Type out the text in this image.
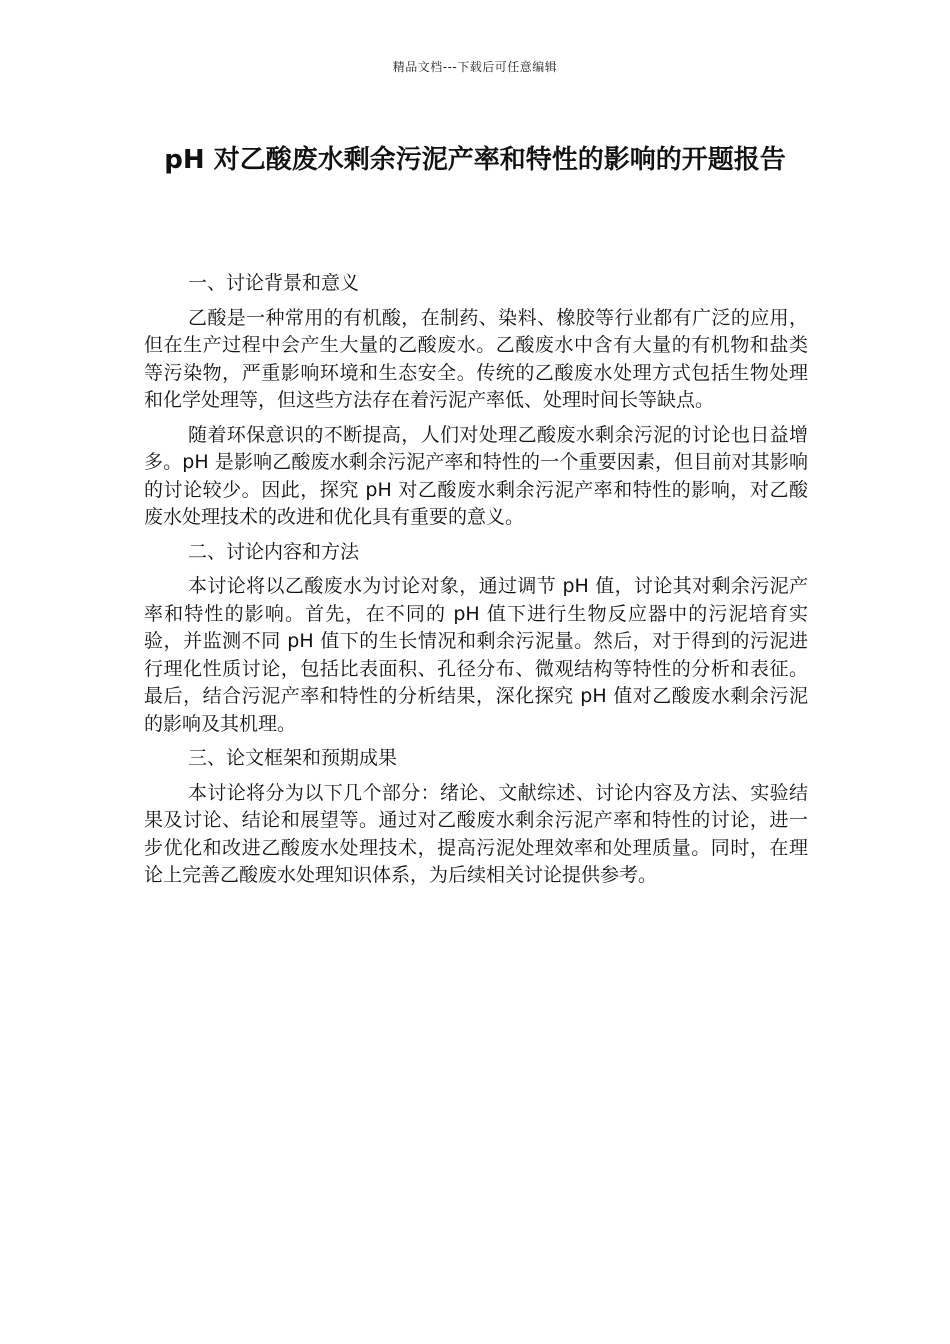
精品文档---下载后可任意编辑
pH 对乙酸废水剩余污泥产率和特性的影响的开题报告

一、讨论背景和意义

乙酸是一种常用的有机酸，在制药、染料、橡胶等行业都有广泛的应用，但在生产过程中会产生大量的乙酸废水。乙酸废水中含有大量的有机物和盐类等污染物，严重影响环境和生态安全。传统的乙酸废水处理方式包括生物处理和化学处理等，但这些方法存在着污泥产率低、处理时间长等缺点。

随着环保意识的不断提高，人们对处理乙酸废水剩余污泥的讨论也日益增多。pH 是影响乙酸废水剩余污泥产率和特性的一个重要因素，但目前对其影响的讨论较少。因此，探究 pH 对乙酸废水剩余污泥产率和特性的影响，对乙酸废水处理技术的改进和优化具有重要的意义。

二、讨论内容和方法

本讨论将以乙酸废水为讨论对象，通过调节 pH 值，讨论其对剩余污泥产率和特性的影响。首先，在不同的 pH 值下进行生物反应器中的污泥培育实验，并监测不同 pH 值下的生长情况和剩余污泥量。然后，对于得到的污泥进行理化性质讨论，包括比表面积、孔径分布、微观结构等特性的分析和表征。最后，结合污泥产率和特性的分析结果，深化探究 pH 值对乙酸废水剩余污泥的影响及其机理。

三、论文框架和预期成果

本讨论将分为以下几个部分：绪论、文献综述、讨论内容及方法、实验结果及讨论、结论和展望等。通过对乙酸废水剩余污泥产率和特性的讨论，进一步优化和改进乙酸废水处理技术，提高污泥处理效率和处理质量。同时，在理论上完善乙酸废水处理知识体系，为后续相关讨论提供参考。
